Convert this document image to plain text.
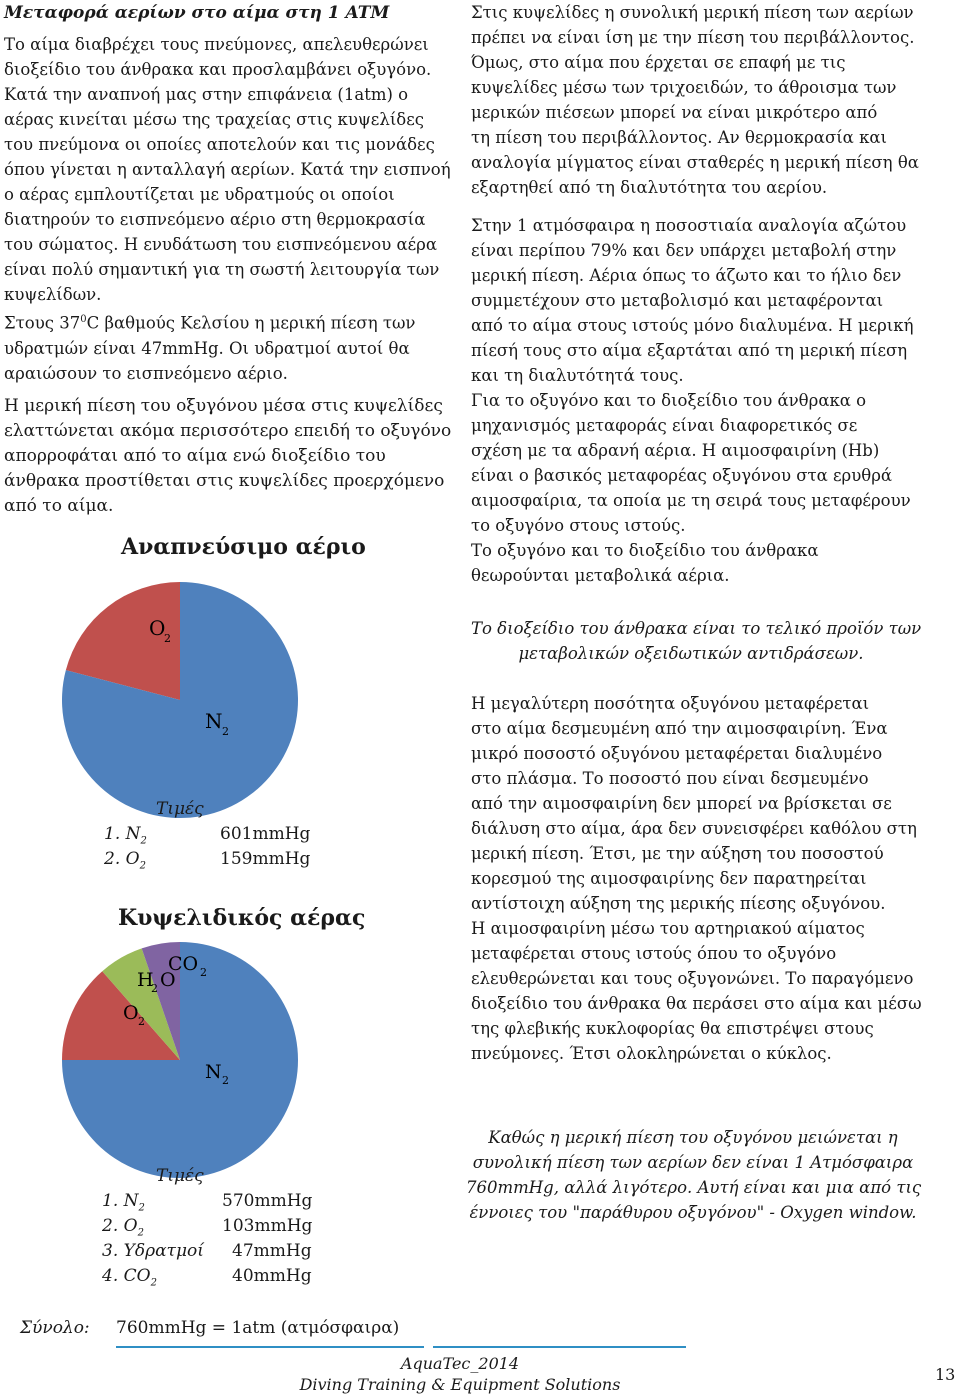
Μεταφορά αερίων στο αίμα στη 1 ATM
Το αίμα διαβρέχει τους πνεύμονες, απελευθερώνει
διοξείδιο του άνθρακα και προσλαμβάνει οξυγόνο.
Κατά την αναπνοή μας στην επιφάνεια (1atm) ο
αέρας κινείται μέσω της τραχείας στις κυψελίδες
του πνεύμονα οι οποίες αποτελούν και τις μονάδες
όπου γίνεται η ανταλλαγή αερίων. Κατά την εισπνοή
ο αέρας εμπλουτίζεται με υδρατμούς οι οποίοι
διατηρούν το εισπνεόμενο αέριο στη θερμοκρασία
του σώματος. Η ενυδάτωση του εισπνεόμενου αέρα
είναι πολύ σημαντική για τη σωστή λειτουργία των
κυψελίδων.
Στους $37^0C$ βαθμούς Κελσίου η μερική πίεση των
υδρατμών είναι 47mmHg. Οι υδρατμοί αυτοί θα
αραιώσουν το εισπνεόμενο αέριο.
Η μερική πίεση του οξυγόνου μέσα στις κυψελίδες
ελαττώνεται ακόμα περισσότερο επειδή το οξυγόνο
απορροφάται από το αίμα ενώ διοξείδιο του
άνθρακα προστίθεται στις κυψελίδες προερχόμενο
από το αίμα.
Αναπνεύσιμο αέριο
O
2
N 2
Τιμές
1. $N_2$	601mmHg
2. $O_2$	159mmHg
Κυψελιδικός αέρας
CO 2
H
2 O
O 2
N 2
Τιμές
1. $N_2$	570mmHg
2. $O_2$	103mmHg
3. Υδρατμοί 47mmHg
4. $CO_2$	40mmHg
Σύνολο: 760mmHg = 1atm (ατμόσφαιρα)
Στις κυψελίδες η συνολική μερική πίεση των αερίων
πρέπει να είναι ίση με την πίεση του περιβάλλοντος.
Όμως, στο αίμα που έρχεται σε επαφή με τις
κυψελίδες μέσω των τριχοειδών, το άθροισμα των
μερικών πιέσεων μπορεί να είναι μικρότερο από
τη πίεση του περιβάλλοντος. Αν θερμοκρασία και
αναλογία μίγματος είναι σταθερές η μερική πίεση θα
εξαρτηθεί από τη διαλυτότητα του αερίου.
Στην 1 ατμόσφαιρα η ποσοστιαία αναλογία αζώτου
είναι περίπου 79% και δεν υπάρχει μεταβολή στην
μερική πίεση. Αέρια όπως το άζωτο και το ήλιο δεν
συμμετέχουν στο μεταβολισμό και μεταφέρονται
από το αίμα στους ιστούς μόνο διαλυμένα. Η μερική
πίεσή τους στο αίμα εξαρτάται από τη μερική πίεση
και τη διαλυτότητά τους.
Για το οξυγόνο και το διοξείδιο του άνθρακα ο
μηχανισμός μεταφοράς είναι διαφορετικός σε
σχέση με τα αδρανή αέρια. Η αιμοσφαιρίνη (Hb)
είναι ο βασικός μεταφορέας οξυγόνου στα ερυθρά
αιμοσφαίρια, τα οποία με τη σειρά τους μεταφέρουν
το οξυγόνο στους ιστούς.
Το οξυγόνο και το διοξείδιο του άνθρακα
θεωρούνται μεταβολικά αέρια.
Το διοξείδιο του άνθρακα είναι το τελικό προϊόν των
μεταβολικών οξειδωτικών αντιδράσεων.
Η μεγαλύτερη ποσότητα οξυγόνου μεταφέρεται
στο αίμα δεσμευμένη από την αιμοσφαιρίνη. Ένα
μικρό ποσοστό οξυγόνου μεταφέρεται διαλυμένο
στο πλάσμα. Το ποσοστό που είναι δεσμευμένο
από την αιμοσφαιρίνη δεν μπορεί να βρίσκεται σε
διάλυση στο αίμα, άρα δεν συνεισφέρει καθόλου στη
μερική πίεση. Έτσι, με την αύξηση του ποσοστού
κορεσμού της αιμοσφαιρίνης δεν παρατηρείται
αντίστοιχη αύξηση της μερικής πίεσης οξυγόνου.
Η αιμοσφαιρίνη μέσω του αρτηριακού αίματος
μεταφέρεται στους ιστούς όπου το οξυγόνο
ελευθερώνεται και τους οξυγονώνει. Το παραγόμενο
διοξείδιο του άνθρακα θα περάσει στο αίμα και μέσω
της φλεβικής κυκλοφορίας θα επιστρέψει στους
πνεύμονες. Έτσι ολοκληρώνεται ο κύκλος.
Καθώς η μερική πίεση του οξυγόνου μειώνεται η
συνολική πίεση των αερίων δεν είναι 1 Ατμόσφαιρα
760mmHg, αλλά λιγότερο. Αυτή είναι και μια από τις
έννοιες του "παράθυρου οξυγόνου" - Oxygen window.
AquaTec_2014
Diving Training & Equipment Solutions
13
